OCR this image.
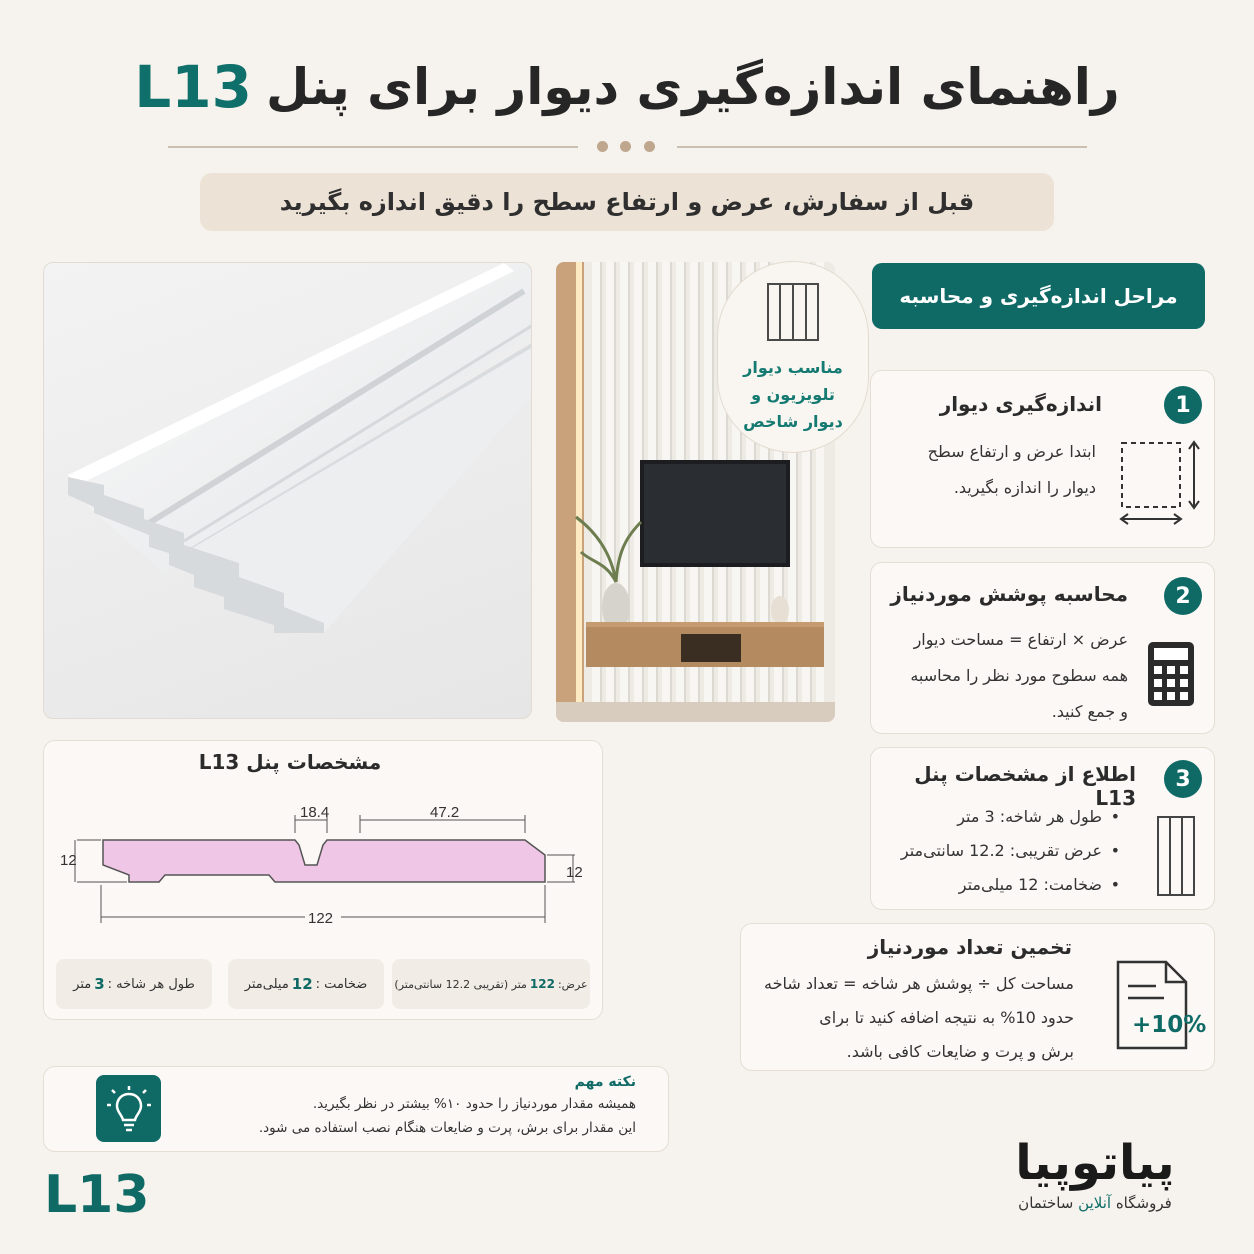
راهنمای اندازه‌گیری دیوار برای پنل
L13
قبل از سفارش، عرض و ارتفاع سطح را دقیق اندازه بگیرید
مناسب دیوار
تلویزیون و
دیوار شاخص
مراحل اندازه‌گیری و محاسبه
1
اندازه‌گیری دیوار
ابتدا عرض و ارتفاع سطح
دیوار را اندازه بگیرید.
2
محاسبه پوشش موردنیاز
عرض × ارتفاع = مساحت دیوار
همه سطوح مورد نظر را محاسبه
و جمع کنید.
3
اطلاع از مشخصات پنل L13
• طول هر شاخه: 3 متر
• عرض تقریبی: 12.2 سانتی‌متر
• ضخامت: 12 میلی‌متر
تخمین تعداد موردنیاز
مساحت کل ÷ پوشش هر شاخه = تعداد شاخه
حدود 10% به نتیجه اضافه کنید تا برای
برش و پرت و ضایعات کافی باشد.
+10%
مشخصات پنل L13
12
12
18.4	47.2
122
عرض:
122
متر (تقریبی 12.2 سانتی‌متر)
ضخامت :
12
میلی‌متر
طول هر شاخه :
3
متر
نکته مهم
همیشه مقدار موردنیاز را حدود ۱۰% بیشتر در نظر بگیرید.
این مقدار برای برش، پرت و ضایعات هنگام نصب استفاده می شود.
L13
پیاتوپیا
فروشگاه آنلاین ساختمان
